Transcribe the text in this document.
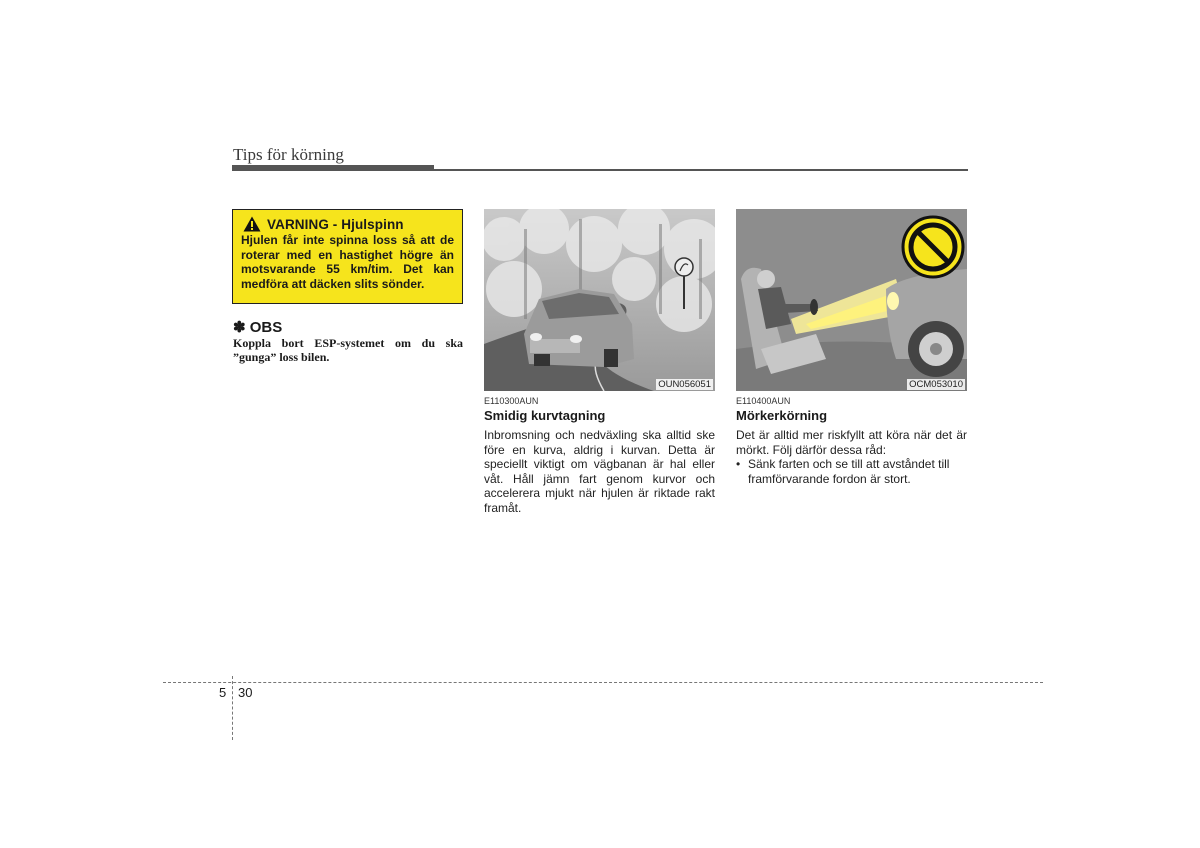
Tips för körning
VARNING - Hjulspinn
Hjulen får inte spinna loss så att de roterar med en hastighet högre än motsvarande 55 km/tim. Det kan medföra att däcken slits sönder.
✽ OBS
Koppla bort ESP-systemet om du ska ”gunga” loss bilen.
OUN056051
E110300AUN
Smidig kurvtagning
Inbromsning och nedväxling ska alltid ske före en kurva, aldrig i kurvan. Detta är speciellt viktigt om vägbanan är hal eller våt. Håll jämn fart genom kurvor och accelerera mjukt när hjulen är riktade rakt framåt.
OCM053010
E110400AUN
Mörkerkörning
Det är alltid mer riskfyllt att köra när det är mörkt. Följ därför dessa råd:
• Sänk farten och se till att avståndet till framförvarande fordon är stort.
5 30
